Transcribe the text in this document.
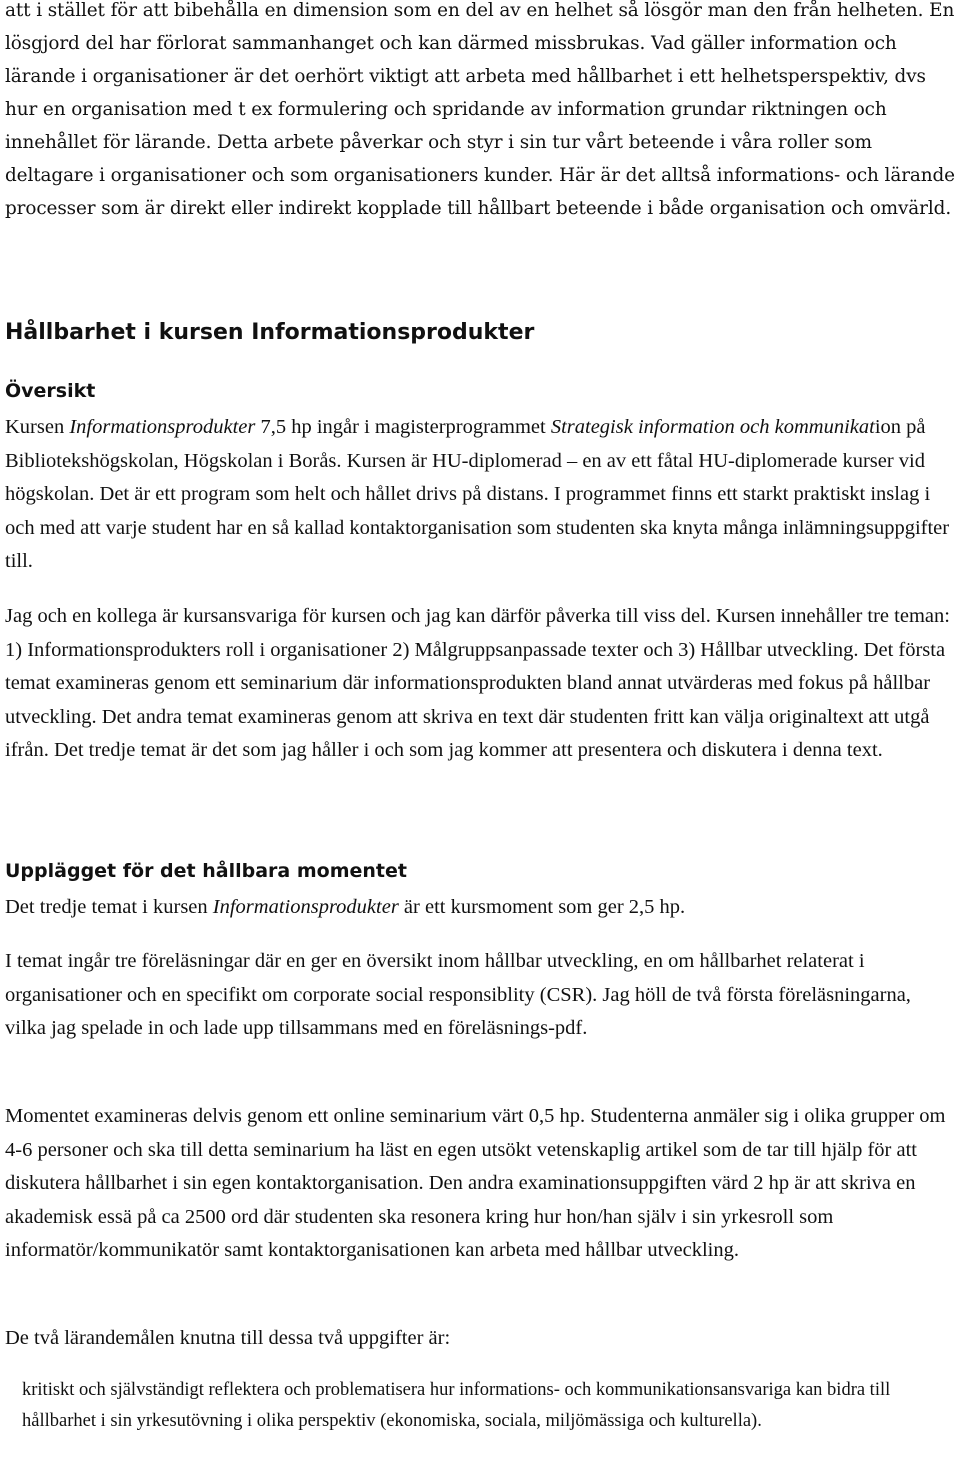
att i stället för att bibehålla en dimension som en del av en helhet så lösgör man den från helheten. En lösgjord del har förlorat sammanhanget och kan därmed missbrukas. Vad gäller information och lärande i organisationer är det oerhört viktigt att arbeta med hållbarhet i ett helhetsperspektiv, dvs hur en organisation med t ex formulering och spridande av information grundar riktningen och innehållet för lärande. Detta arbete påverkar och styr i sin tur vårt beteende i våra roller som deltagare i organisationer och som organisationers kunder. Här är det alltså informations- och lärande processer som är direkt eller indirekt kopplade till hållbart beteende i både organisation och omvärld.

Hållbarhet i kursen Informationsprodukter
Översikt

Kursen Informationsprodukter 7,5 hp ingår i magisterprogrammet Strategisk information och kommunikation på Bibliotekshögskolan, Högskolan i Borås. Kursen är HU-diplomerad – en av ett fåtal HU-diplomerade kurser vid högskolan. Det är ett program som helt och hållet drivs på distans. I programmet finns ett starkt praktiskt inslag i och med att varje student har en så kallad kontaktorganisation som studenten ska knyta många inlämningsuppgifter till.

Jag och en kollega är kursansvariga för kursen och jag kan därför påverka till viss del. Kursen innehåller tre teman: 1) Informationsprodukters roll i organisationer 2) Målgruppsanpassade texter och 3) Hållbar utveckling. Det första temat examineras genom ett seminarium där informationsprodukten bland annat utvärderas med fokus på hållbar utveckling. Det andra temat examineras genom att skriva en text där studenten fritt kan välja originaltext att utgå ifrån. Det tredje temat är det som jag håller i och som jag kommer att presentera och diskutera i denna text.

Upplägget för det hållbara momentet

Det tredje temat i kursen Informationsprodukter är ett kursmoment som ger 2,5 hp.

I temat ingår tre föreläsningar där en ger en översikt inom hållbar utveckling, en om hållbarhet relaterat i organisationer och en specifikt om corporate social responsiblity (CSR). Jag höll de två första föreläsningarna, vilka jag spelade in och lade upp tillsammans med en föreläsnings-pdf.

Momentet examineras delvis genom ett online seminarium värt 0,5 hp. Studenterna anmäler sig i olika grupper om 4-6 personer och ska till detta seminarium ha läst en egen utsökt vetenskaplig artikel som de tar till hjälp för att diskutera hållbarhet i sin egen kontaktorganisation. Den andra examinationsuppgiften värd 2 hp är att skriva en akademisk essä på ca 2500 ord där studenten ska resonera kring hur hon/han själv i sin yrkesroll som informatör/kommunikatör samt kontaktorganisationen kan arbeta med hållbar utveckling.

De två lärandemålen knutna till dessa två uppgifter är:

kritiskt och självständigt reflektera och problematisera hur informations- och kommunikationsansvariga kan bidra till hållbarhet i sin yrkesutövning i olika perspektiv (ekonomiska, sociala, miljömässiga och kulturella).
